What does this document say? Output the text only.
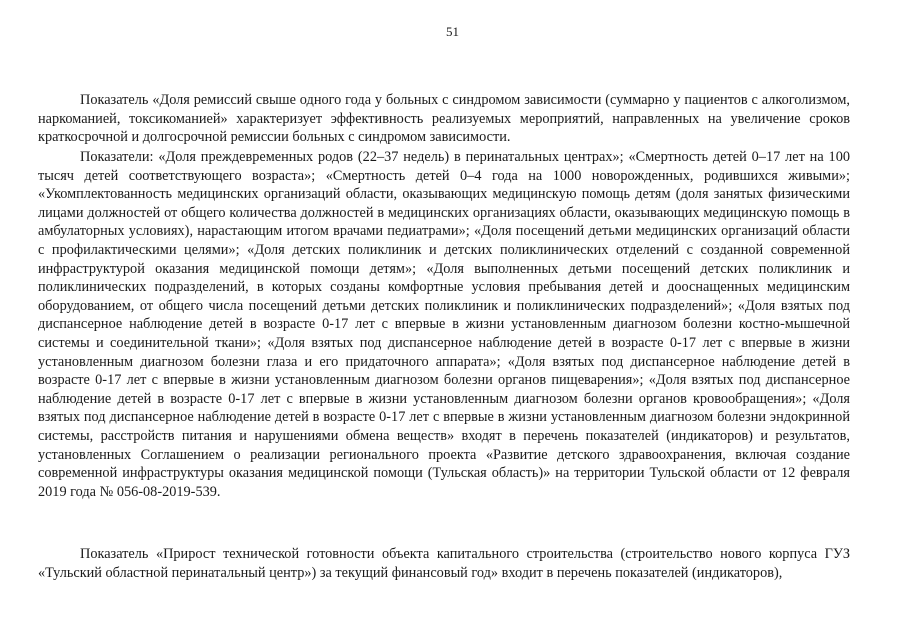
51

Показатель «Доля ремиссий свыше одного года у больных с синдромом зависимости (суммарно у пациентов с алкоголизмом, наркоманией, токсикоманией» характеризует эффективность реализуемых мероприятий, направленных на увеличение сроков краткосрочной и долгосрочной ремиссии больных с синдромом зависимости.

Показатели: «Доля преждевременных родов (22–37 недель) в перинатальных центрах»; «Смертность детей 0–17 лет на 100 тысяч детей соответствующего возраста»; «Смертность детей 0–4 года на 1000 новорожденных, родившихся живыми»; «Укомплектованность медицинских организаций области, оказывающих медицинскую помощь детям (доля занятых физическими лицами должностей от общего количества должностей в медицинских организациях области, оказывающих медицинскую помощь в амбулаторных условиях), нарастающим итогом врачами педиатрами»; «Доля посещений детьми медицинских организаций области с профилактическими целями»; «Доля детских поликлиник и детских поликлинических отделений с созданной современной инфраструктурой оказания медицинской помощи детям»; «Доля выполненных детьми посещений детских поликлиник и поликлинических подразделений, в которых созданы комфортные условия пребывания детей и дооснащенных медицинским оборудованием, от общего числа посещений детьми детских поликлиник и поликлинических подразделений»; «Доля взятых под диспансерное наблюдение детей в возрасте 0-17 лет с впервые в жизни установленным диагнозом болезни костно-мышечной системы и соединительной ткани»; «Доля взятых под диспансерное наблюдение детей в возрасте 0-17 лет с впервые в жизни установленным диагнозом болезни глаза и его придаточного аппарата»; «Доля взятых под диспансерное наблюдение детей в возрасте 0-17 лет с впервые в жизни установленным диагнозом болезни органов пищеварения»; «Доля взятых под диспансерное наблюдение детей в возрасте 0-17 лет с впервые в жизни установленным диагнозом болезни органов кровообращения»; «Доля взятых под диспансерное наблюдение детей в возрасте 0-17 лет с впервые в жизни установленным диагнозом болезни эндокринной системы, расстройств питания и нарушениями обмена веществ» входят в перечень показателей (индикаторов) и результатов, установленных Соглашением о реализации регионального проекта «Развитие детского здравоохранения, включая создание современной инфраструктуры оказания медицинской помощи (Тульская область)» на территории Тульской области от 12 февраля 2019 года № 056-08-2019-539.

Показатель «Прирост технической готовности объекта капитального строительства (строительство нового корпуса ГУЗ «Тульский областной перинатальный центр») за текущий финансовый год» входит в перечень показателей (индикаторов),
